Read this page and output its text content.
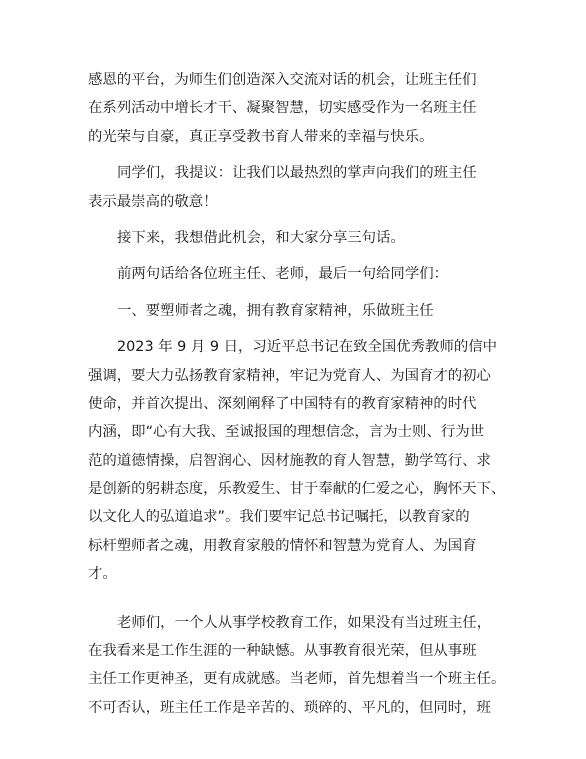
感恩的平台，为师生们创造深入交流对话的机会，让班主任们
在系列活动中增长才干、凝聚智慧，切实感受作为一名班主任
的光荣与自豪，真正享受教书育人带来的幸福与快乐。
同学们，我提议：让我们以最热烈的掌声向我们的班主任
表示最崇高的敬意！
接下来，我想借此机会，和大家分享三句话。
前两句话给各位班主任、老师，最后一句给同学们：
一、要塑师者之魂，拥有教育家精神，乐做班主任
2023 年 9 月 9 日，习近平总书记在致全国优秀教师的信中
强调，要大力弘扬教育家精神，牢记为党育人、为国育才的初心
使命，并首次提出、深刻阐释了中国特有的教育家精神的时代
内涵，即“心有大我、至诚报国的理想信念，言为士则、行为世
范的道德情操，启智润心、因材施教的育人智慧，勤学笃行、求
是创新的躬耕态度，乐教爱生、甘于奉献的仁爱之心，胸怀天下、
以文化人的弘道追求”。我们要牢记总书记嘱托，以教育家的
标杆塑师者之魂，用教育家般的情怀和智慧为党育人、为国育
才。
老师们，一个人从事学校教育工作，如果没有当过班主任，
在我看来是工作生涯的一种缺憾。从事教育很光荣，但从事班
主任工作更神圣，更有成就感。当老师，首先想着当一个班主任。
不可否认，班主任工作是辛苦的、琐碎的、平凡的，但同时，班
